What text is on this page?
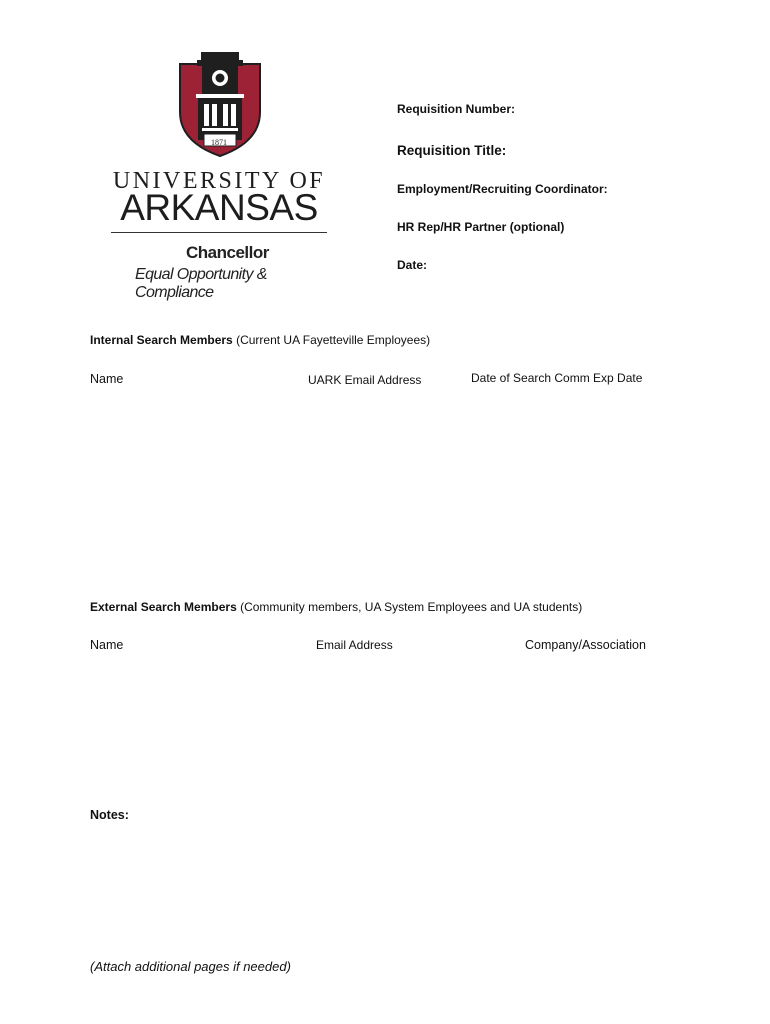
1871
UNIVERSITY OF
ARKANSAS
Chancellor
Equal Opportunity & Compliance
Requisition Number:
Requisition Title:
Employment/Recruiting Coordinator:
HR Rep/HR Partner (optional)
Date:
Internal Search Members (Current UA Fayetteville Employees)
Name	UARK Email Address	Date of Search Comm Exp Date
External Search Members (Community members, UA System Employees and UA students)
Name	Email Address	Company/Association
Notes:
(Attach additional pages if needed)
